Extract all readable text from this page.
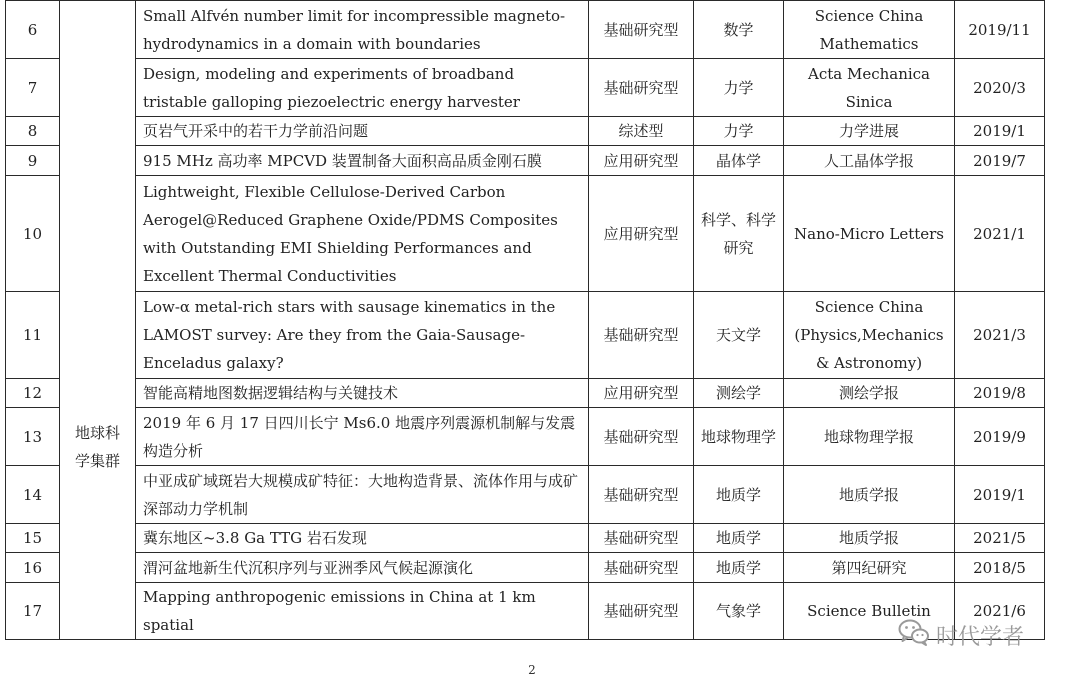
6	地球科学集群	Small Alfvén number limit for incompressible magneto-hydrodynamics in a domain with boundaries	基础研究型	数学	Science China Mathematics	2019/11
7		Design, modeling and experiments of broadband tristable galloping piezoelectric energy harvester	基础研究型	力学	Acta Mechanica Sinica	2020/3
8		页岩气开采中的若干力学前沿问题	综述型	力学	力学进展	2019/1
9		915 MHz 高功率 MPCVD 装置制备大面积高品质金刚石膜	应用研究型	晶体学	人工晶体学报	2019/7
10		Lightweight, Flexible Cellulose-Derived Carbon Aerogel@Reduced Graphene Oxide/PDMS Composites with Outstanding EMI Shielding Performances and Excellent Thermal Conductivities	应用研究型	科学、科学研究	Nano-Micro Letters	2021/1
11		Low-α metal-rich stars with sausage kinematics in the LAMOST survey: Are they from the Gaia-Sausage-Enceladus galaxy?	基础研究型	天文学	Science China (Physics,Mechanics & Astronomy)	2021/3
12		智能高精地图数据逻辑结构与关键技术	应用研究型	测绘学	测绘学报	2019/8
13		2019 年 6 月 17 日四川长宁 Ms6.0 地震序列震源机制解与发震构造分析	基础研究型	地球物理学	地球物理学报	2019/9
14		中亚成矿域斑岩大规模成矿特征：大地构造背景、流体作用与成矿深部动力学机制	基础研究型	地质学	地质学报	2019/1
15		冀东地区~3.8 Ga TTG 岩石发现	基础研究型	地质学	地质学报	2021/5
16		渭河盆地新生代沉积序列与亚洲季风气候起源演化	基础研究型	地质学	第四纪研究	2018/5
17		Mapping anthropogenic emissions in China at 1 km spatial	基础研究型	气象学	Science Bulletin	2021/6
时代学者
2
